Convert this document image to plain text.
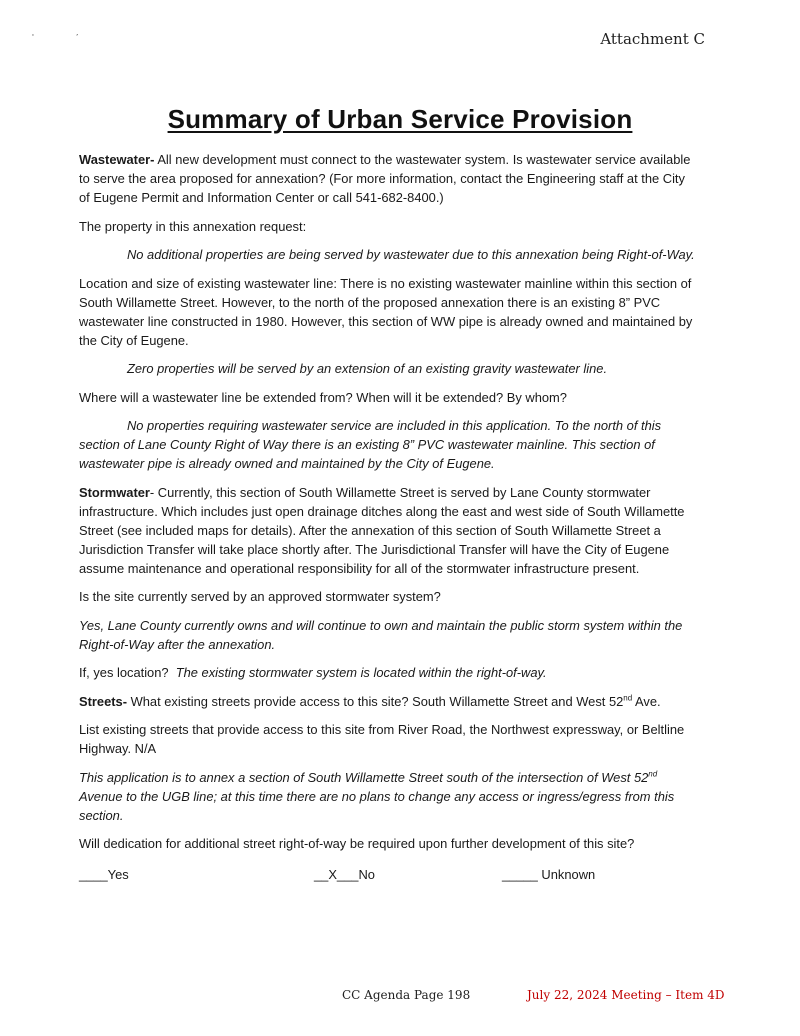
'	’	Attachment C
Summary of Urban Service Provision

Wastewater- All new development must connect to the wastewater system. Is wastewater service available to serve the area proposed for annexation? (For more information, contact the Engineering staff at the City of Eugene Permit and Information Center or call 541-682-8400.)

The property in this annexation request:

No additional properties are being served by wastewater due to this annexation being Right-of-Way.

Location and size of existing wastewater line: There is no existing wastewater mainline within this section of South Willamette Street. However, to the north of the proposed annexation there is an existing 8” PVC wastewater line constructed in 1980. However, this section of WW pipe is already owned and maintained by the City of Eugene.

Zero properties will be served by an extension of an existing gravity wastewater line.

Where will a wastewater line be extended from? When will it be extended? By whom?

No properties requiring wastewater service are included in this application. To the north of this section of Lane County Right of Way there is an existing 8” PVC wastewater mainline. This section of wastewater pipe is already owned and maintained by the City of Eugene.

Stormwater- Currently, this section of South Willamette Street is served by Lane County stormwater infrastructure. Which includes just open drainage ditches along the east and west side of South Willamette Street (see included maps for details). After the annexation of this section of South Willamette Street a Jurisdiction Transfer will take place shortly after. The Jurisdictional Transfer will have the City of Eugene assume maintenance and operational responsibility for all of the stormwater infrastructure present.

Is the site currently served by an approved stormwater system?

Yes, Lane County currently owns and will continue to own and maintain the public storm system within the Right-of-Way after the annexation.

If, yes location? The existing stormwater system is located within the right-of-way.

Streets- What existing streets provide access to this site? South Willamette Street and West 52nd Ave.

List existing streets that provide access to this site from River Road, the Northwest expressway, or Beltline Highway. N/A

This application is to annex a section of South Willamette Street south of the intersection of West 52nd Avenue to the UGB line; at this time there are no plans to change any access or ingress/egress from this section.

Will dedication for additional street right-of-way be required upon further development of this site?

____Yes	__X___No	_____ Unknown
CC Agenda Page 198	July 22, 2024 Meeting – Item 4D
